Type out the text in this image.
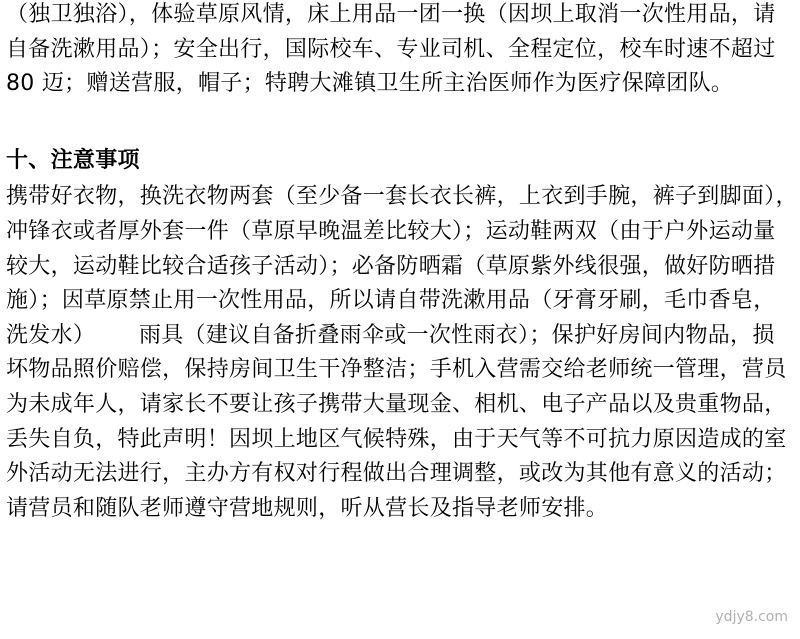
（独卫独浴），体验草原风情，床上用品一团一换（因坝上取消一次性用品，请
自备洗漱用品）；安全出行，国际校车、专业司机、全程定位，校车时速不超过
80 迈；赠送营服，帽子；特聘大滩镇卫生所主治医师作为医疗保障团队。
十、注意事项
携带好衣物，换洗衣物两套（至少备一套长衣长裤，上衣到手腕，裤子到脚面），
冲锋衣或者厚外套一件（草原早晚温差比较大）；运动鞋两双（由于户外运动量
较大，运动鞋比较合适孩子活动）；必备防晒霜（草原紫外线很强，做好防晒措
施）；因草原禁止用一次性用品，所以请自带洗漱用品（牙膏牙刷，毛巾香皂，
洗发水）      雨具（建议自备折叠雨伞或一次性雨衣）；保护好房间内物品，损
坏物品照价赔偿，保持房间卫生干净整洁；手机入营需交给老师统一管理，营员
为未成年人，请家长不要让孩子携带大量现金、相机、电子产品以及贵重物品，
丢失自负，特此声明！因坝上地区气候特殊，由于天气等不可抗力原因造成的室
外活动无法进行，主办方有权对行程做出合理调整，或改为其他有意义的活动；
请营员和随队老师遵守营地规则，听从营长及指导老师安排。
ydjy8.com
